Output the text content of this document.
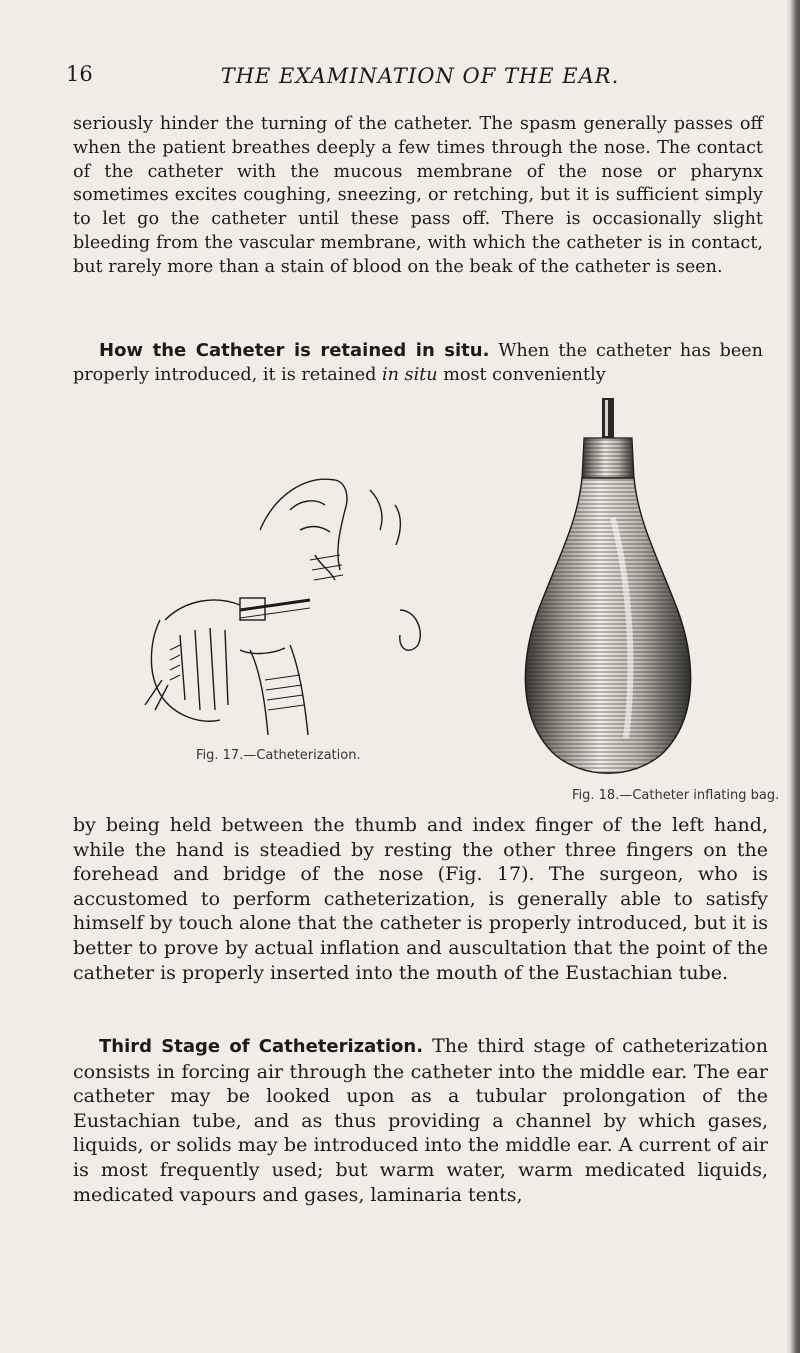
16	THE EXAMINATION OF THE EAR.
seriously hinder the turning of the catheter. The spasm generally passes off when the patient breathes deeply a few times through the nose. The contact of the catheter with the mucous membrane of the nose or pharynx sometimes excites coughing, sneezing, or retching, but it is sufficient simply to let go the catheter until these pass off. There is occasionally slight bleeding from the vascular membrane, with which the catheter is in contact, but rarely more than a stain of blood on the beak of the catheter is seen.
How the Catheter is retained in situ. When the catheter has been properly introduced, it is retained in situ most conveniently
Fig. 17.—Catheterization.
Fig. 18.—Catheter inflating bag.
by being held between the thumb and index finger of the left hand, while the hand is steadied by resting the other three fingers on the forehead and bridge of the nose (Fig. 17). The surgeon, who is accustomed to perform catheterization, is generally able to satisfy himself by touch alone that the catheter is properly introduced, but it is better to prove by actual inflation and auscultation that the point of the catheter is properly inserted into the mouth of the Eustachian tube.
Third Stage of Catheterization. The third stage of catheterization consists in forcing air through the catheter into the middle ear. The ear catheter may be looked upon as a tubular prolongation of the Eustachian tube, and as thus providing a channel by which gases, liquids, or solids may be introduced into the middle ear. A current of air is most frequently used; but warm water, warm medicated liquids, medicated vapours and gases, laminaria tents,
